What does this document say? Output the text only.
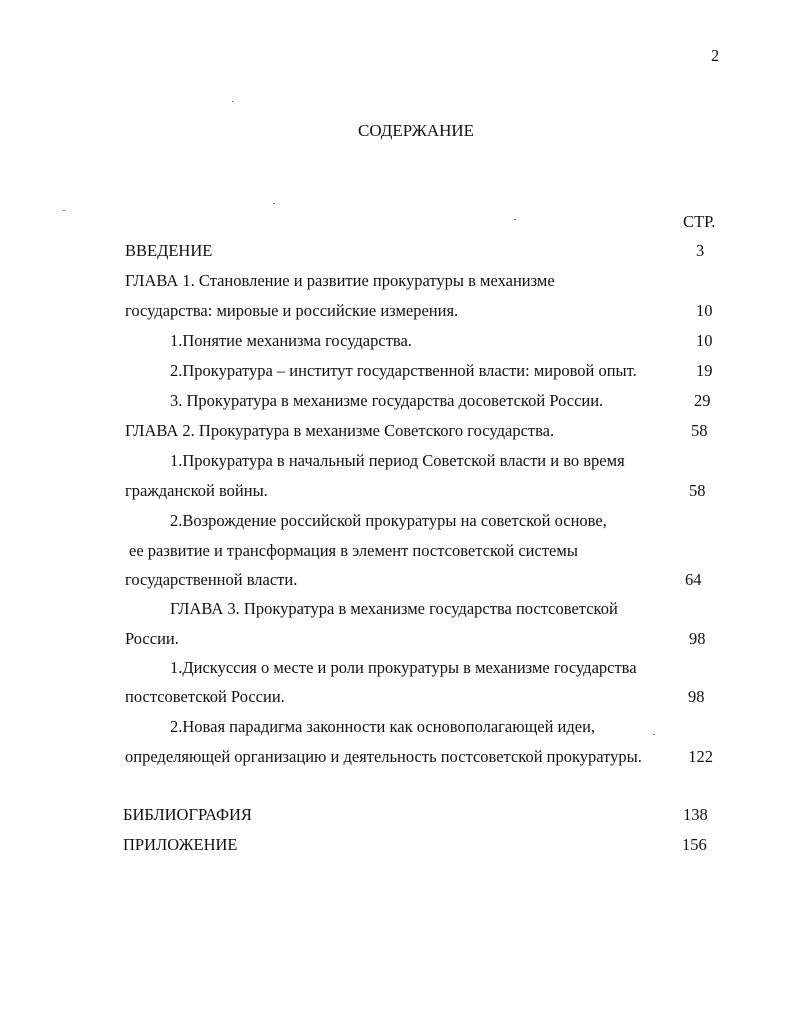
2
СОДЕРЖАНИЕ
СТР.
ВВЕДЕНИЕ	3
ГЛАВА 1. Становление и развитие прокуратуры в механизме
государства: мировые и российские измерения.	10
1.Понятие механизма государства.	10
2.Прокуратура – институт государственной власти: мировой опыт.	19
3. Прокуратура в механизме государства досоветской России.	29
ГЛАВА 2. Прокуратура в механизме Советского государства.	58
1.Прокуратура в начальный период Советской власти и во время
гражданской войны.	58
2.Возрождение российской прокуратуры на советской основе,
ее развитие и трансформация в элемент постсоветской системы
государственной власти.	64
ГЛАВА 3. Прокуратура в механизме государства постсоветской
России.	98
1.Дискуссия о месте и роли прокуратуры в механизме государства
постсоветской России.	98
2.Новая парадигма законности как основополагающей идеи,
определяющей организацию и деятельность постсоветской прокуратуры.	122
БИБЛИОГРАФИЯ	138
ПРИЛОЖЕНИЕ	156
